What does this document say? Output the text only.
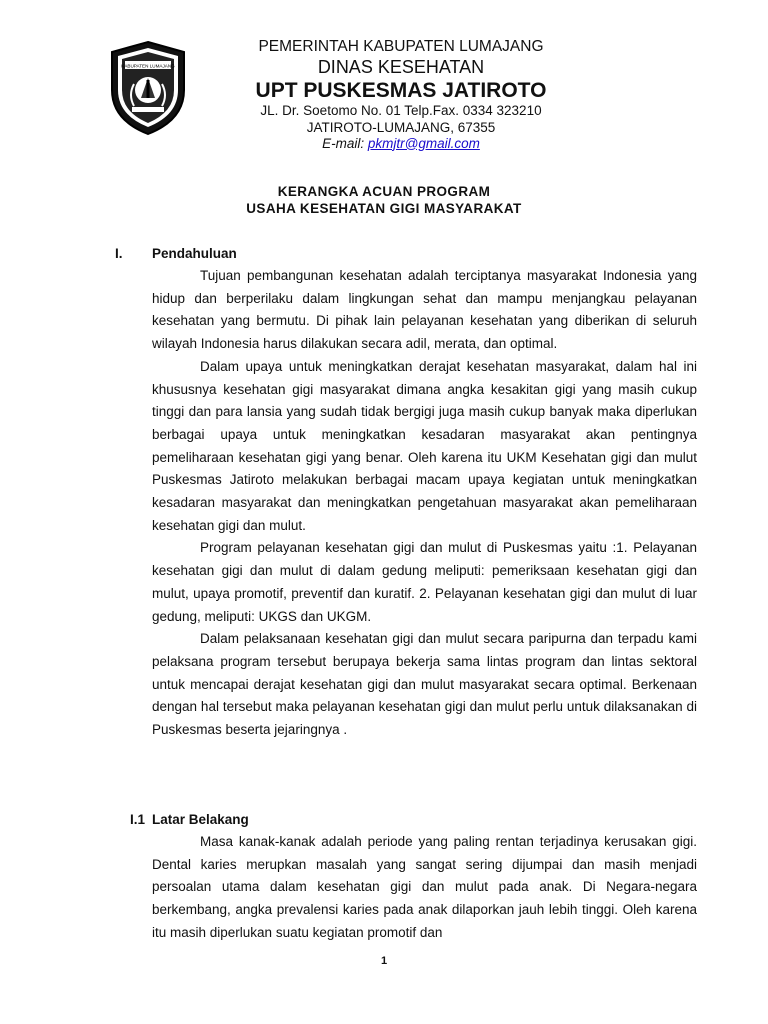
KABUPATEN LUMAJANG
PEMERINTAH KABUPATEN LUMAJANG
DINAS KESEHATAN
UPT PUSKESMAS JATIROTO
JL. Dr. Soetomo No. 01 Telp.Fax. 0334 323210
JATIROTO-LUMAJANG, 67355
E-mail: pkmjtr@gmail.com
KERANGKA ACUAN PROGRAM
USAHA KESEHATAN GIGI MASYARAKAT
I. Pendahuluan

Tujuan pembangunan kesehatan adalah terciptanya masyarakat Indonesia yang hidup dan berperilaku dalam lingkungan sehat dan mampu menjangkau pelayanan kesehatan yang bermutu. Di pihak lain pelayanan kesehatan yang diberikan di seluruh wilayah Indonesia harus dilakukan secara adil, merata, dan optimal.

Dalam upaya untuk meningkatkan derajat kesehatan masyarakat, dalam hal ini khususnya kesehatan gigi masyarakat dimana angka kesakitan gigi yang masih cukup tinggi dan para lansia yang sudah tidak bergigi juga masih cukup banyak maka diperlukan berbagai upaya untuk meningkatkan kesadaran masyarakat akan pentingnya pemeliharaan kesehatan gigi yang benar. Oleh karena itu UKM Kesehatan gigi dan mulut Puskesmas Jatiroto melakukan berbagai macam upaya kegiatan untuk meningkatkan kesadaran masyarakat dan meningkatkan pengetahuan masyarakat akan pemeliharaan kesehatan gigi dan mulut.

Program pelayanan kesehatan gigi dan mulut di Puskesmas yaitu :1. Pelayanan kesehatan gigi dan mulut di dalam gedung meliputi: pemeriksaan kesehatan gigi dan mulut, upaya promotif, preventif dan kuratif. 2. Pelayanan kesehatan gigi dan mulut di luar gedung, meliputi: UKGS dan UKGM.

Dalam pelaksanaan kesehatan gigi dan mulut secara paripurna dan terpadu kami pelaksana program tersebut berupaya bekerja sama lintas program dan lintas sektoral untuk mencapai derajat kesehatan gigi dan mulut masyarakat secara optimal. Berkenaan dengan hal tersebut maka pelayanan kesehatan gigi dan mulut perlu untuk dilaksanakan di Puskesmas beserta jejaringnya .

I.1 Latar Belakang

Masa kanak-kanak adalah periode yang paling rentan terjadinya kerusakan gigi. Dental karies merupkan masalah yang sangat sering dijumpai dan masih menjadi persoalan utama dalam kesehatan gigi dan mulut pada anak. Di Negara-negara berkembang, angka prevalensi karies pada anak dilaporkan jauh lebih tinggi. Oleh karena itu masih diperlukan suatu kegiatan promotif dan

1
